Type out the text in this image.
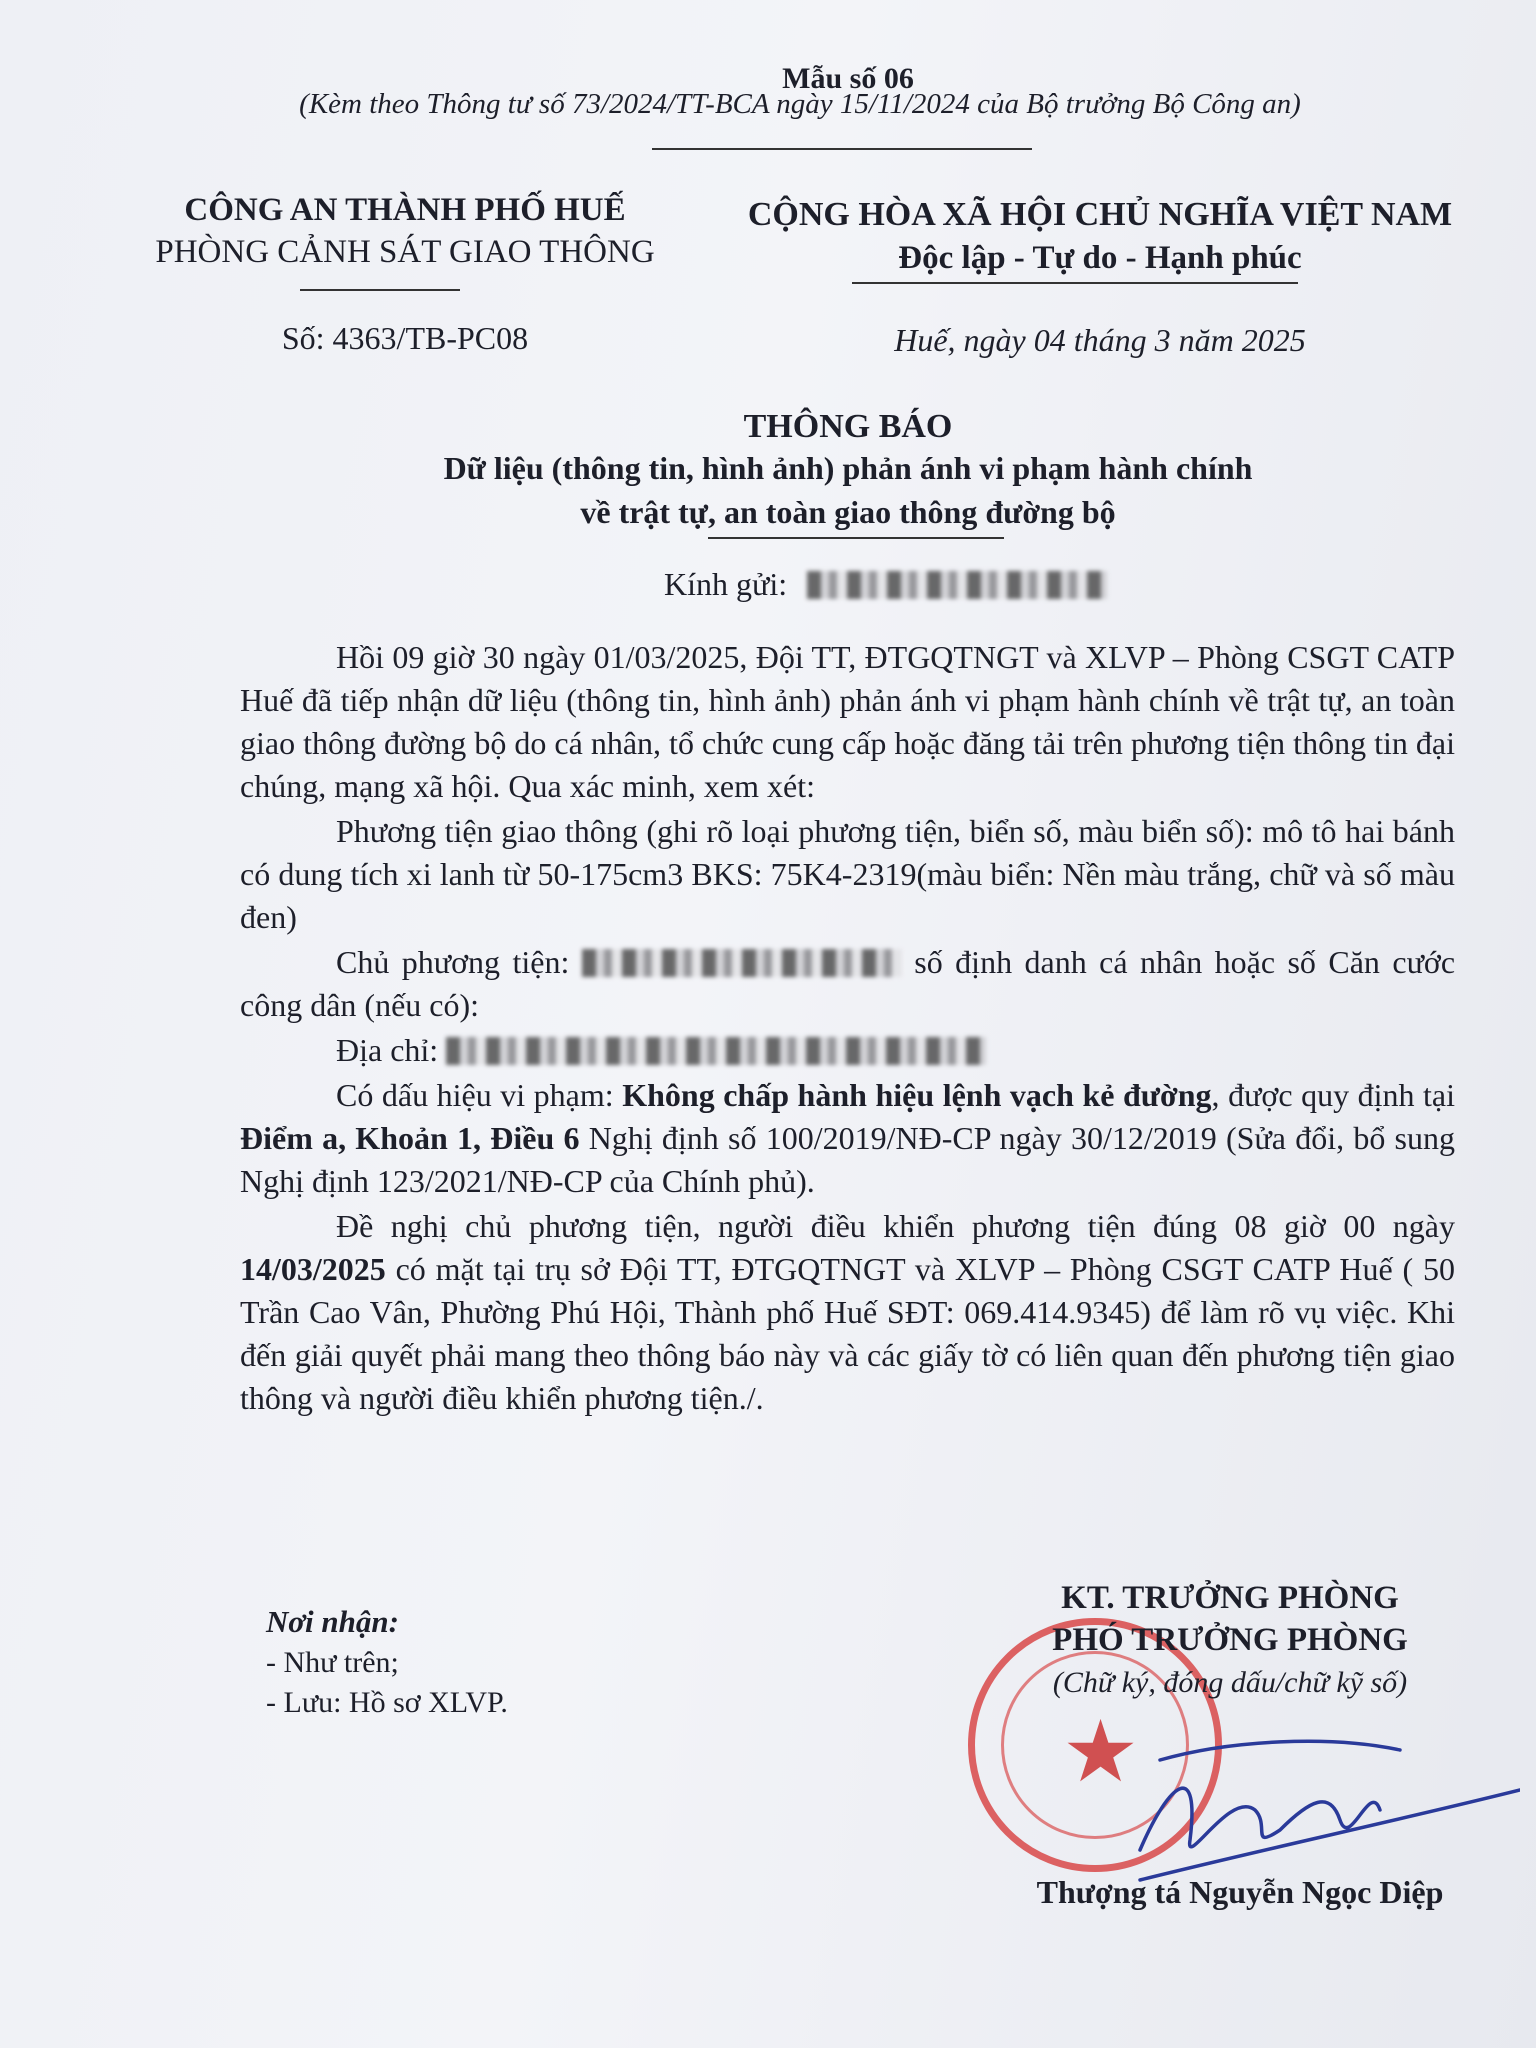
Mẫu số 06
(Kèm theo Thông tư số 73/2024/TT-BCA ngày 15/11/2024 của Bộ trưởng Bộ Công an)
CÔNG AN THÀNH PHỐ HUẾ
PHÒNG CẢNH SÁT GIAO THÔNG
Số: 4363/TB-PC08
CỘNG HÒA XÃ HỘI CHỦ NGHĨA VIỆT NAM
Độc lập - Tự do - Hạnh phúc
Huế, ngày 04 tháng 3 năm 2025
THÔNG BÁO
Dữ liệu (thông tin, hình ảnh) phản ánh vi phạm hành chính
về trật tự, an toàn giao thông đường bộ
Kính gửi:

Hồi 09 giờ 30 ngày 01/03/2025, Đội TT, ĐTGQTNGT và XLVP – Phòng CSGT CATP Huế đã tiếp nhận dữ liệu (thông tin, hình ảnh) phản ánh vi phạm hành chính về trật tự, an toàn giao thông đường bộ do cá nhân, tổ chức cung cấp hoặc đăng tải trên phương tiện thông tin đại chúng, mạng xã hội. Qua xác minh, xem xét:

Phương tiện giao thông (ghi rõ loại phương tiện, biển số, màu biển số): mô tô hai bánh có dung tích xi lanh từ 50-175cm3 BKS: 75K4-2319(màu biển: Nền màu trắng, chữ và số màu đen)

Chủ phương tiện:	số định danh cá nhân hoặc số Căn cước công dân (nếu có):

Địa chỉ:

Có dấu hiệu vi phạm: Không chấp hành hiệu lệnh vạch kẻ đường, được quy định tại Điểm a, Khoản 1, Điều 6 Nghị định số 100/2019/NĐ-CP ngày 30/12/2019 (Sửa đổi, bổ sung Nghị định 123/2021/NĐ-CP của Chính phủ).

Đề nghị chủ phương tiện, người điều khiển phương tiện đúng 08 giờ 00 ngày 14/03/2025 có mặt tại trụ sở Đội TT, ĐTGQTNGT và XLVP – Phòng CSGT CATP Huế ( 50 Trần Cao Vân, Phường Phú Hội, Thành phố Huế SĐT: 069.414.9345) để làm rõ vụ việc. Khi đến giải quyết phải mang theo thông báo này và các giấy tờ có liên quan đến phương tiện giao thông và người điều khiển phương tiện./.

Nơi nhận:
- Như trên;
- Lưu: Hồ sơ XLVP.	★
KT. TRƯỞNG PHÒNG
PHÓ TRƯỞNG PHÒNG
(Chữ ký, đóng dấu/chữ kỹ số)
Thượng tá Nguyễn Ngọc Diệp
